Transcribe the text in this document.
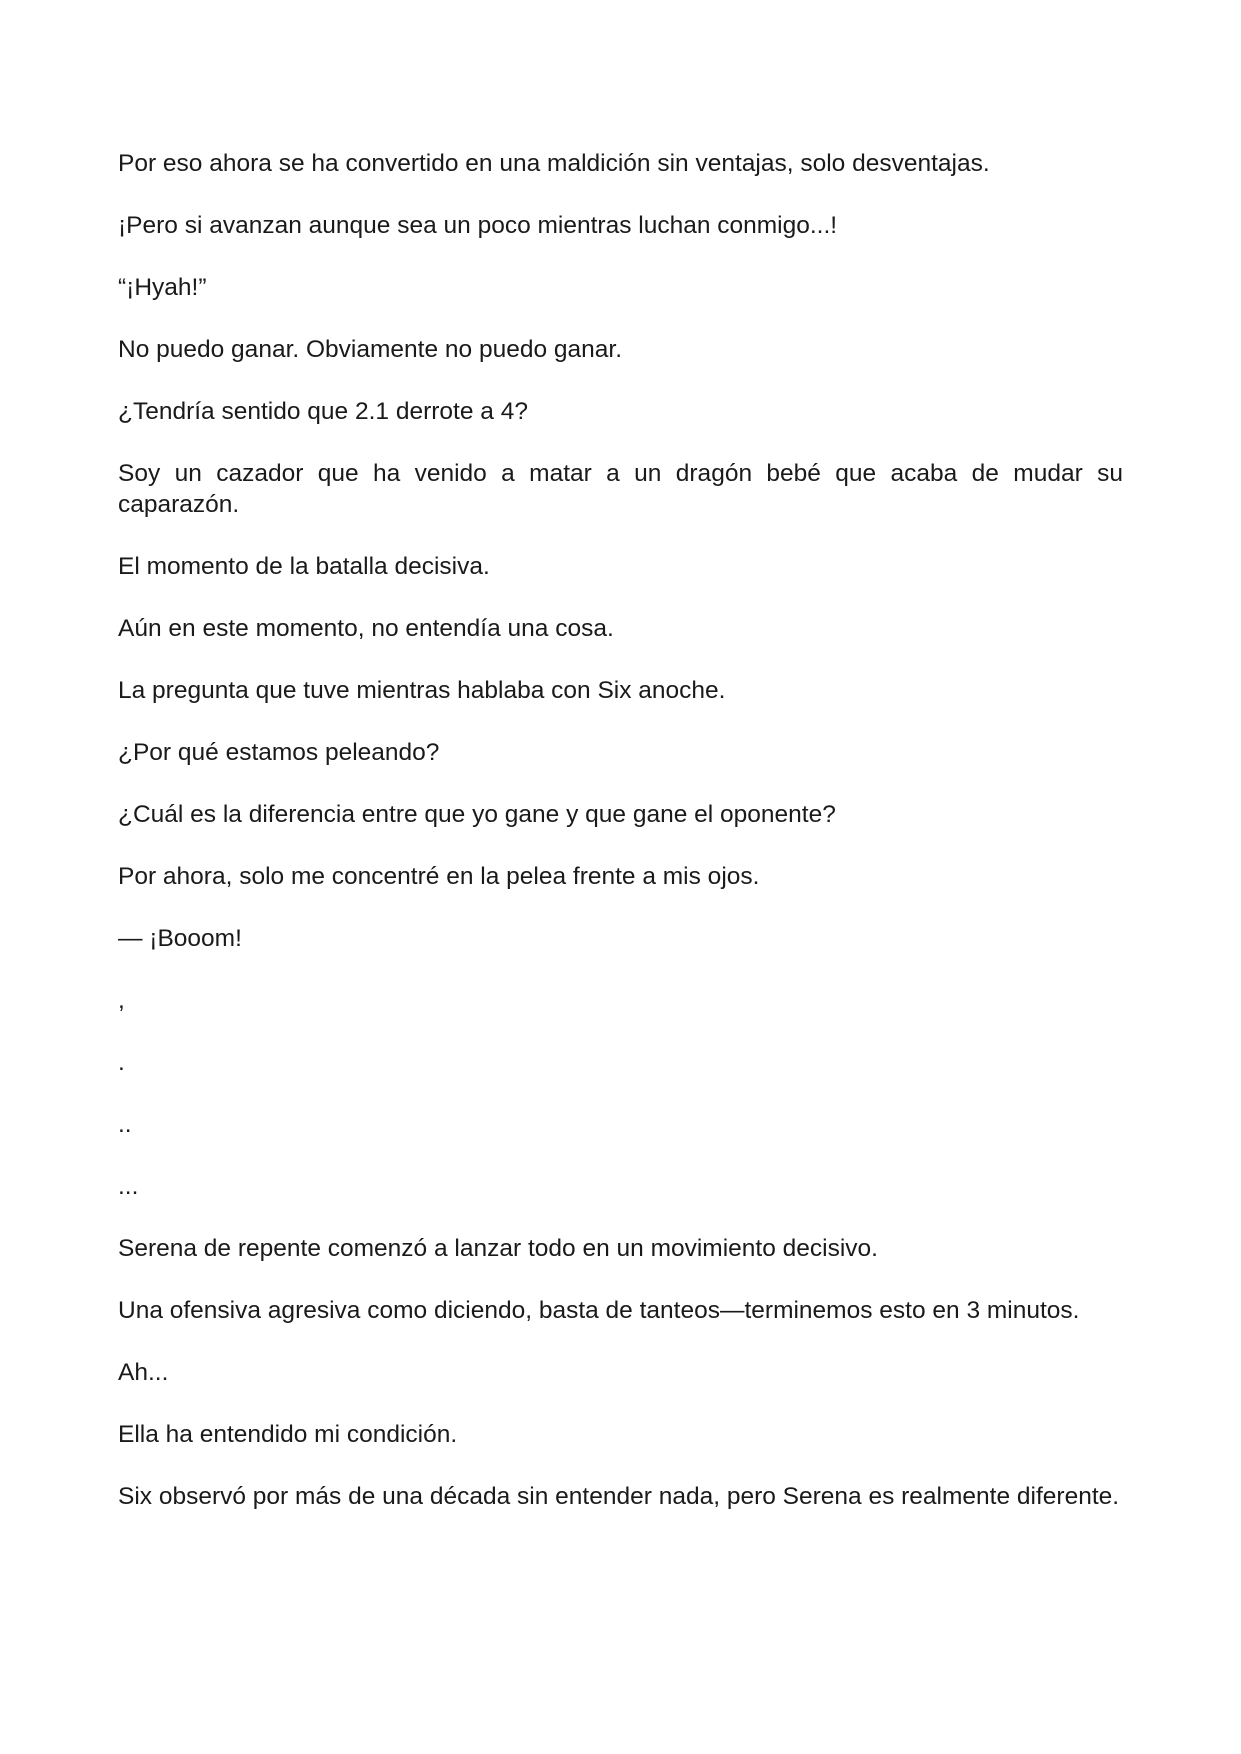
Por eso ahora se ha convertido en una maldición sin ventajas, solo desventajas.

¡Pero si avanzan aunque sea un poco mientras luchan conmigo...!

“¡Hyah!”

No puedo ganar. Obviamente no puedo ganar.

¿Tendría sentido que 2.1 derrote a 4?

Soy un cazador que ha venido a matar a un dragón bebé que acaba de mudar su caparazón.

El momento de la batalla decisiva.

Aún en este momento, no entendía una cosa.

La pregunta que tuve mientras hablaba con Six anoche.

¿Por qué estamos peleando?

¿Cuál es la diferencia entre que yo gane y que gane el oponente?

Por ahora, solo me concentré en la pelea frente a mis ojos.

— ¡Booom!

,

.

..

...

Serena de repente comenzó a lanzar todo en un movimiento decisivo.

Una ofensiva agresiva como diciendo, basta de tanteos—terminemos esto en 3 minutos.

Ah...

Ella ha entendido mi condición.

Six observó por más de una década sin entender nada, pero Serena es realmente diferente.
